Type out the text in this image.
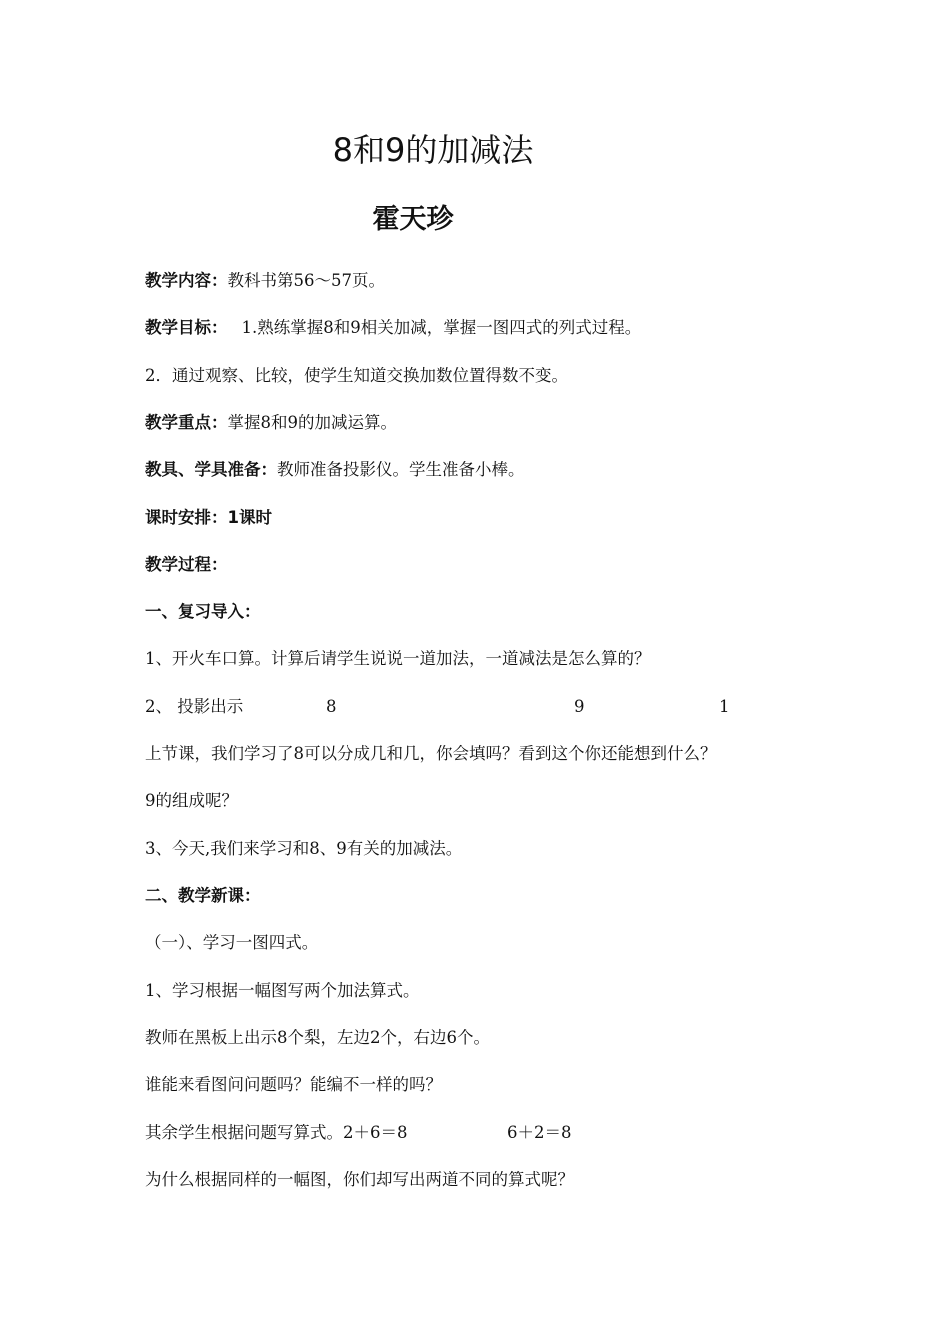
8和9的加减法
霍天珍
教学内容：教科书第56～57页。
教学目标： 1.熟练掌握8和9相关加减，掌握一图四式的列式过程。
2．通过观察、比较，使学生知道交换加数位置得数不变。
教学重点：掌握8和9的加减运算。
教具、学具准备：教师准备投影仪。学生准备小棒。
课时安排：1课时
教学过程：
一、复习导入：
1、开火车口算。计算后请学生说说一道加法，一道减法是怎么算的？
2、 投影出示	8	9	1
上节课，我们学习了8可以分成几和几，你会填吗？看到这个你还能想到什么？
9的组成呢？
3、今天,我们来学习和8、9有关的加减法。
二、教学新课：
（一）、学习一图四式。
1、学习根据一幅图写两个加法算式。
教师在黑板上出示8个梨，左边2个，右边6个。
谁能来看图问问题吗？能编不一样的吗？
其余学生根据问题写算式。2＋6＝8	6＋2＝8
为什么根据同样的一幅图，你们却写出两道不同的算式呢？
